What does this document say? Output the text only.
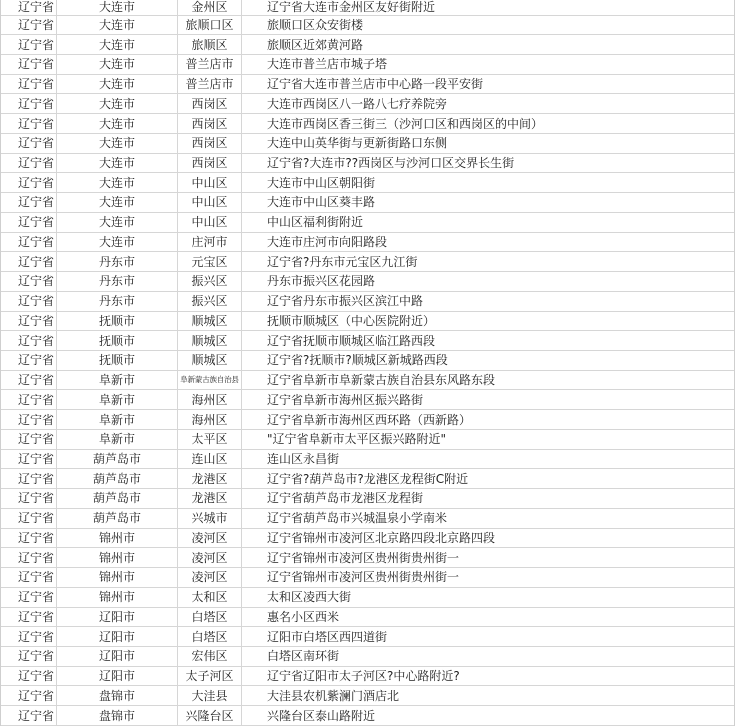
辽宁省	大连市	金州区	辽宁省大连市金州区友好街附近
辽宁省	大连市	旅顺口区	旅顺口区众安街楼
辽宁省	大连市	旅顺区	旅顺区近郊黄河路
辽宁省	大连市	普兰店市	大连市普兰店市城子塔
辽宁省	大连市	普兰店市	辽宁省大连市普兰店市中心路一段平安街
辽宁省	大连市	西岗区	大连市西岗区八一路八七疗养院旁
辽宁省	大连市	西岗区	大连市西岗区香三街三（沙河口区和西岗区的中间）
辽宁省	大连市	西岗区	大连中山英华街与更新街路口东侧
辽宁省	大连市	西岗区	辽宁省?大连市??西岗区与沙河口区交界长生街
辽宁省	大连市	中山区	大连市中山区朝阳街
辽宁省	大连市	中山区	大连市中山区葵丰路
辽宁省	大连市	中山区	中山区福利街附近
辽宁省	大连市	庄河市	大连市庄河市向阳路段
辽宁省	丹东市	元宝区	辽宁省?丹东市元宝区九江街
辽宁省	丹东市	振兴区	丹东市振兴区花园路
辽宁省	丹东市	振兴区	辽宁省丹东市振兴区滨江中路
辽宁省	抚顺市	顺城区	抚顺市顺城区（中心医院附近）
辽宁省	抚顺市	顺城区	辽宁省抚顺市顺城区临江路西段
辽宁省	抚顺市	顺城区	辽宁省?抚顺市?顺城区新城路西段
辽宁省	阜新市	阜新蒙古族自治县	辽宁省阜新市阜新蒙古族自治县东风路东段
辽宁省	阜新市	海州区	辽宁省阜新市海州区振兴路街
辽宁省	阜新市	海州区	辽宁省阜新市海州区西环路（西新路）
辽宁省	阜新市	太平区	"辽宁省阜新市太平区振兴路附近"
辽宁省	葫芦岛市	连山区	连山区永昌街
辽宁省	葫芦岛市	龙港区	辽宁省?葫芦岛市?龙港区龙程街C附近
辽宁省	葫芦岛市	龙港区	辽宁省葫芦岛市龙港区龙程街
辽宁省	葫芦岛市	兴城市	辽宁省葫芦岛市兴城温泉小学南米
辽宁省	锦州市	凌河区	辽宁省锦州市凌河区北京路四段北京路四段
辽宁省	锦州市	凌河区	辽宁省锦州市凌河区贵州街贵州街一
辽宁省	锦州市	凌河区	辽宁省锦州市凌河区贵州街贵州街一
辽宁省	锦州市	太和区	太和区凌西大街
辽宁省	辽阳市	白塔区	惠名小区西米
辽宁省	辽阳市	白塔区	辽阳市白塔区西四道街
辽宁省	辽阳市	宏伟区	白塔区南环街
辽宁省	辽阳市	太子河区	辽宁省辽阳市太子河区?中心路附近?
辽宁省	盘锦市	大洼县	大洼县农机紫澜门酒店北
辽宁省	盘锦市	兴隆台区	兴隆台区泰山路附近
